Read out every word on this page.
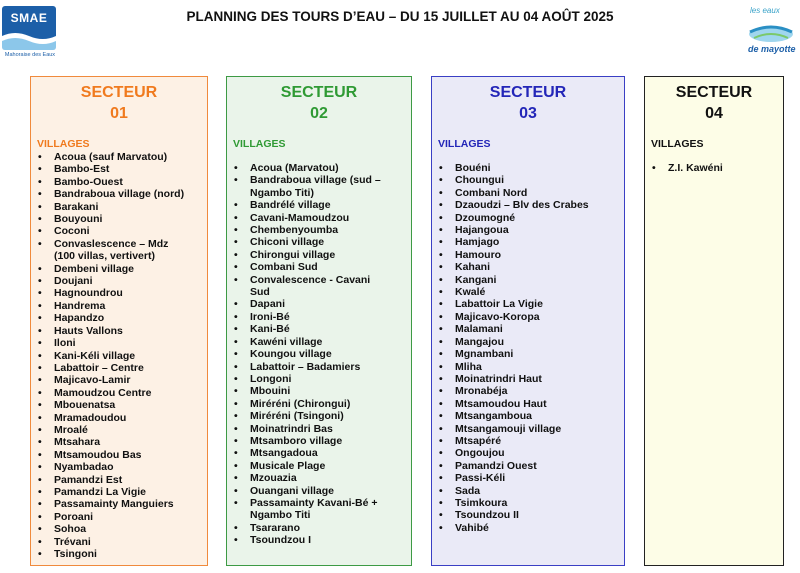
SMAE
Mahoraise des Eaux
les eaux
de mayotte
PLANNING DES TOURS D’EAU – DU 15 JUILLET AU 04 AOÛT 2025
SECTEUR
01
VILLAGES
• Acoua (sauf Marvatou)
• Bambo-Est
• Bambo-Ouest
• Bandraboua village (nord)
• Barakani
• Bouyouni
• Coconi
• Convaslescence – Mdz
(100 villas, vertivert)
• Dembeni village
• Doujani
• Hagnoundrou
• Handrema
• Hapandzo
• Hauts Vallons
• Iloni
• Kani-Kéli village
• Labattoir – Centre
• Majicavo-Lamir
• Mamoudzou Centre
• Mbouenatsa
• Mramadoudou
• Mroalé
• Mtsahara
• Mtsamoudou Bas
• Nyambadao
• Pamandzi Est
• Pamandzi La Vigie
• Passamainty Manguiers
• Poroani
• Sohoa
• Trévani
• Tsingoni
SECTEUR
02
VILLAGES
• Acoua (Marvatou)
• Bandraboua village (sud –
Ngambo Titi)
• Bandrélé village
• Cavani-Mamoudzou
• Chembenyoumba
• Chiconi village
• Chirongui village
• Combani Sud
• Convalescence - Cavani
Sud
• Dapani
• Ironi-Bé
• Kani-Bé
• Kawéni village
• Koungou village
• Labattoir – Badamiers
• Longoni
• Mbouini
• Miréréni (Chirongui)
• Miréréni (Tsingoni)
• Moinatrindri Bas
• Mtsamboro village
• Mtsangadoua
• Musicale Plage
• Mzouazia
• Ouangani village
• Passamainty Kavani-Bé +
Ngambo Titi
• Tsararano
• Tsoundzou I
SECTEUR
03
VILLAGES
• Bouéni
• Choungui
• Combani Nord
• Dzaoudzi – Blv des Crabes
• Dzoumogné
• Hajangoua
• Hamjago
• Hamouro
• Kahani
• Kangani
• Kwalé
• Labattoir La Vigie
• Majicavo-Koropa
• Malamani
• Mangajou
• Mgnambani
• Mliha
• Moinatrindri Haut
• Mronabéja
• Mtsamoudou Haut
• Mtsangamboua
• Mtsangamouji village
• Mtsapéré
• Ongoujou
• Pamandzi Ouest
• Passi-Kéli
• Sada
• Tsimkoura
• Tsoundzou II
• Vahibé
SECTEUR
04
VILLAGES
• Z.I. Kawéni
